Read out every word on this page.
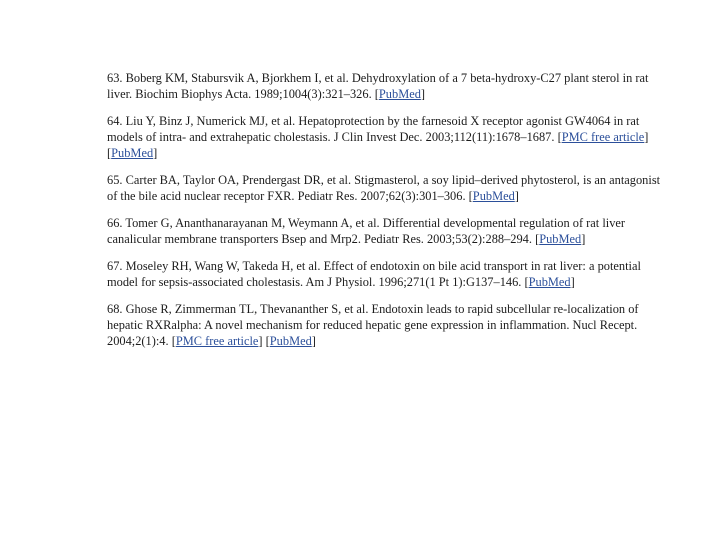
63. Boberg KM, Stabursvik A, Bjorkhem I, et al. Dehydroxylation of a 7 beta-hydroxy-C27 plant sterol in rat liver. Biochim Biophys Acta. 1989;1004(3):321–326. [PubMed]

64. Liu Y, Binz J, Numerick MJ, et al. Hepatoprotection by the farnesoid X receptor agonist GW4064 in rat models of intra- and extrahepatic cholestasis. J Clin Invest Dec. 2003;112(11):1678–1687. [PMC free article] [PubMed]

65. Carter BA, Taylor OA, Prendergast DR, et al. Stigmasterol, a soy lipid–derived phytosterol, is an antagonist of the bile acid nuclear receptor FXR. Pediatr Res. 2007;62(3):301–306. [PubMed]

66. Tomer G, Ananthanarayanan M, Weymann A, et al. Differential developmental regulation of rat liver canalicular membrane transporters Bsep and Mrp2. Pediatr Res. 2003;53(2):288–294. [PubMed]

67. Moseley RH, Wang W, Takeda H, et al. Effect of endotoxin on bile acid transport in rat liver: a potential model for sepsis-associated cholestasis. Am J Physiol. 1996;271(1 Pt 1):G137–146. [PubMed]

68. Ghose R, Zimmerman TL, Thevananther S, et al. Endotoxin leads to rapid subcellular re-localization of hepatic RXRalpha: A novel mechanism for reduced hepatic gene expression in inflammation. Nucl Recept. 2004;2(1):4. [PMC free article] [PubMed]
